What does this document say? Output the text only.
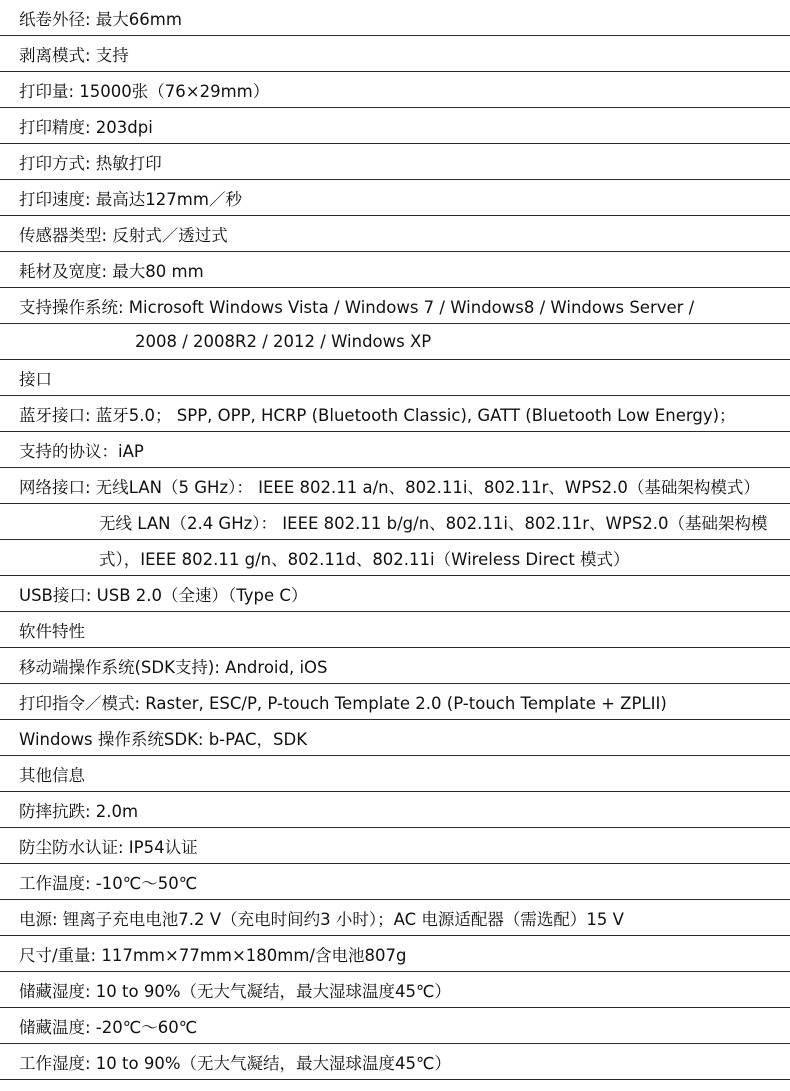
纸卷外径: 最大66mm
剥离模式: 支持
打印量: 15000张（76×29mm）
打印精度: 203dpi
打印方式: 热敏打印
打印速度: 最高达127mm／秒
传感器类型: 反射式／透过式
耗材及宽度: 最大80 mm
支持操作系统: Microsoft Windows Vista / Windows 7 / Windows8 / Windows Server /
2008 / 2008R2 / 2012 / Windows XP
接口
蓝牙接口: 蓝牙5.0； SPP, OPP, HCRP (Bluetooth Classic), GATT (Bluetooth Low Energy)；
支持的协议：iAP
网络接口: 无线LAN（5 GHz）： IEEE 802.11 a/n、802.11i、802.11r、WPS2.0（基础架构模式）
无线 LAN（2.4 GHz）： IEEE 802.11 b/g/n、802.11i、802.11r、WPS2.0（基础架构模
式），IEEE 802.11 g/n、802.11d、802.11i（Wireless Direct 模式）
USB接口: USB 2.0（全速）（Type C）
软件特性
移动端操作系统(SDK支持): Android, iOS
打印指令／模式: Raster, ESC/P, P-touch Template 2.0 (P-touch Template + ZPLII)
Windows 操作系统SDK: b-PAC，SDK
其他信息
防摔抗跌: 2.0m
防尘防水认证: IP54认证
工作温度: -10℃～50℃
电源: 锂离子充电电池7.2 V（充电时间约3 小时）；AC 电源适配器（需选配）15 V
尺寸/重量: 117mm×77mm×180mm/含电池807g
储藏湿度: 10 to 90%（无大气凝结，最大湿球温度45℃）
储藏温度: -20℃～60℃
工作湿度: 10 to 90%（无大气凝结，最大湿球温度45℃）
